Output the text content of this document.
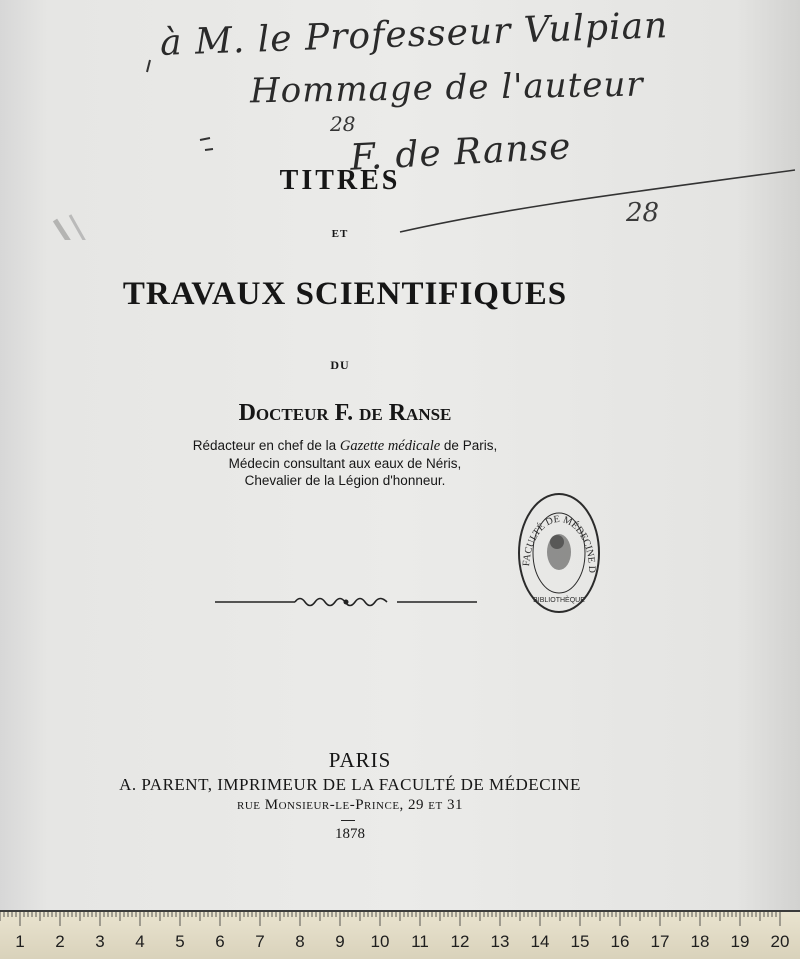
à M. le Professeur Vulpian
Hommage de l'auteur
F. de Ranse
28
28
TITRES
ET
TRAVAUX SCIENTIFIQUES
DU
Docteur F. de Ranse
Rédacteur en chef de la Gazette médicale de Paris,
Médecin consultant aux eaux de Néris,
Chevalier de la Légion d'honneur.
FACULTÉ DE MÉDECINE D
BIBLIOTHÈQUE
PARIS
A. PARENT, IMPRIMEUR DE LA FACULTÉ DE MÉDECINE
rue Monsieur-le-Prince, 29 et 31
1878
1	2	3	4	5	6	7	8	9	10	11	12	13	14	15	16	17	18	19	20
